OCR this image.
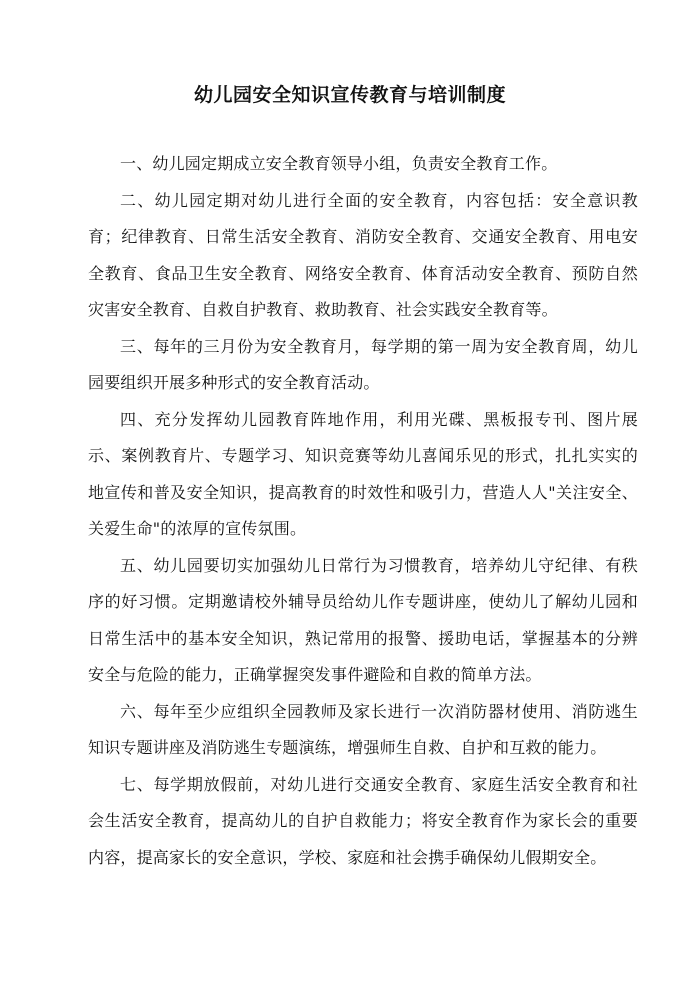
幼儿园安全知识宣传教育与培训制度

一、幼儿园定期成立安全教育领导小组，负责安全教育工作。

二、幼儿园定期对幼儿进行全面的安全教育，内容包括：安全意识教育；纪律教育、日常生活安全教育、消防安全教育、交通安全教育、用电安全教育、食品卫生安全教育、网络安全教育、体育活动安全教育、预防自然灾害安全教育、自救自护教育、救助教育、社会实践安全教育等。

三、每年的三月份为安全教育月，每学期的第一周为安全教育周，幼儿园要组织开展多种形式的安全教育活动。

四、充分发挥幼儿园教育阵地作用，利用光碟、黑板报专刊、图片展示、案例教育片、专题学习、知识竞赛等幼儿喜闻乐见的形式，扎扎实实的地宣传和普及安全知识，提高教育的时效性和吸引力，营造人人"关注安全、关爱生命"的浓厚的宣传氛围。

五、幼儿园要切实加强幼儿日常行为习惯教育，培养幼儿守纪律、有秩序的好习惯。定期邀请校外辅导员给幼儿作专题讲座，使幼儿了解幼儿园和日常生活中的基本安全知识，熟记常用的报警、援助电话，掌握基本的分辨安全与危险的能力，正确掌握突发事件避险和自救的简单方法。

六、每年至少应组织全园教师及家长进行一次消防器材使用、消防逃生知识专题讲座及消防逃生专题演练，增强师生自救、自护和互救的能力。

七、每学期放假前，对幼儿进行交通安全教育、家庭生活安全教育和社会生活安全教育，提高幼儿的自护自救能力；将安全教育作为家长会的重要内容，提高家长的安全意识，学校、家庭和社会携手确保幼儿假期安全。
